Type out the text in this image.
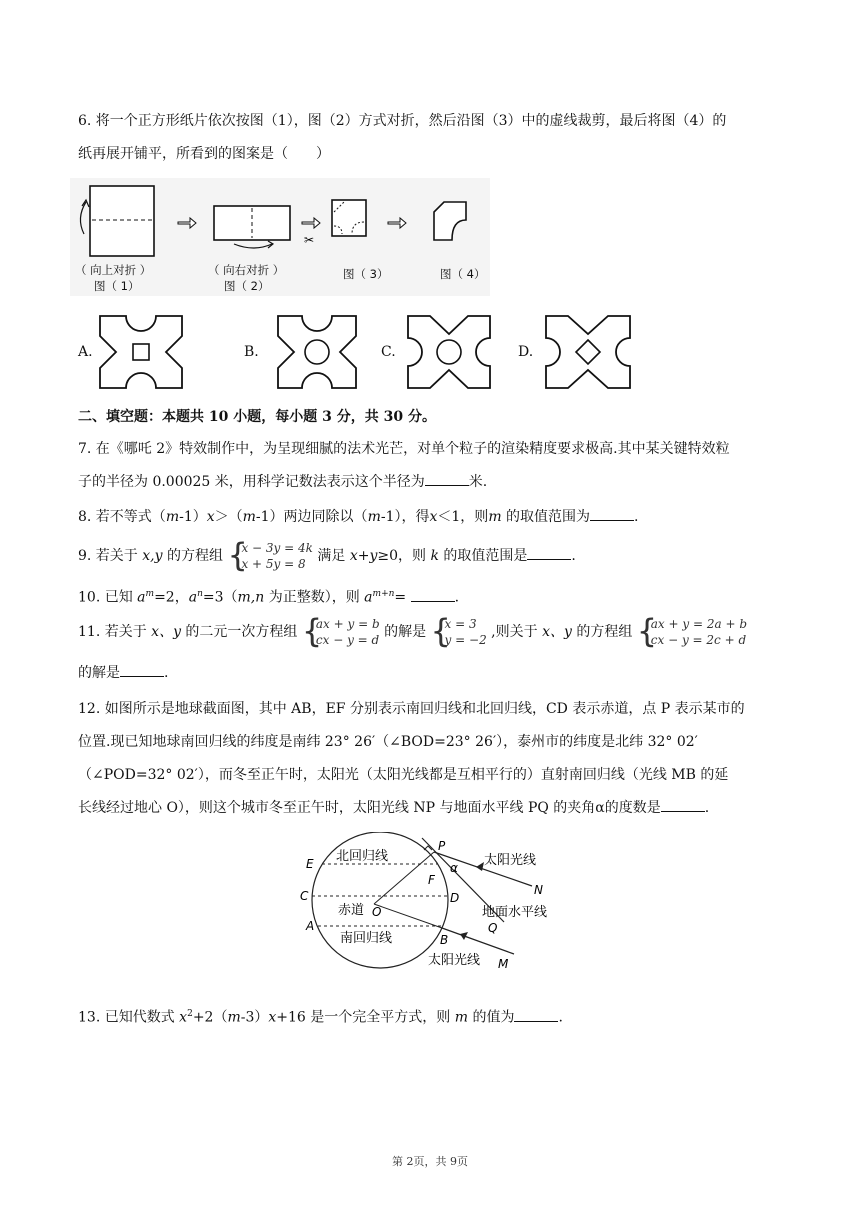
6. 将一个正方形纸片依次按图（1），图（2）方式对折，然后沿图（3）中的虚线裁剪，最后将图（4）的
纸再展开铺平，所看到的图案是（　　）
✂
（ 向上对折 ）
图（ 1）
（ 向右对折 ）
图（ 2）
图（ 3）	图（ 4）
A.	B.	C.	D.
二、填空题：本题共 10 小题，每小题 3 分，共 30 分。
7. 在《哪吒 2》特效制作中，为呈现细腻的法术光芒，对单个粒子的渲染精度要求极高.其中某关键特效粒
子的半径为 0.00025 米，用科学记数法表示这个半径为	米.
8. 若不等式（m-1）x＞（m-1）两边同除以（m-1），得x＜1，则m 的取值范围为	.
9. 若关于 x,y 的方程组 {
x − 3y = 4k
x + 5y = 8 满足 x+y≥0，则 k 的取值范围是	.
10. 已知 $a^m=2$，$a^n=3(m,n$ 为正整数），则 $a^{m+n}=$	.
11. 若关于 x、y 的二元一次方程组 {
ax + y = b
cx − y = d 的解是 {
x = 3
y = −2 ,则关于 x、y 的方程组 {
ax + y = 2a + b
cx − y = 2c + d
的解是	.
12. 如图所示是地球截面图，其中 AB，EF 分别表示南回归线和北回归线，CD 表示赤道，点 P 表示某市的
位置.现已知地球南回归线的纬度是南纬 23° 26′（∠BOD=23° 26′），泰州市的纬度是北纬 32° 02′
（∠POD=32° 02′），而冬至正午时，太阳光（太阳光线都是互相平行的）直射南回归线（光线 MB 的延
长线经过地心 O），则这个城市冬至正午时，太阳光线 NP 与地面水平线 PQ 的夹角α的度数是	.
北回归线
赤道
南回归线
太阳光线
太阳光线
地面水平线
E
C
A
O
F
D
B
P
N
Q
M
α
13. 已知代数式 $x^2+2(m-3)x+16$ 是一个完全平方式，则 m 的值为	.
第 2页，共 9页
